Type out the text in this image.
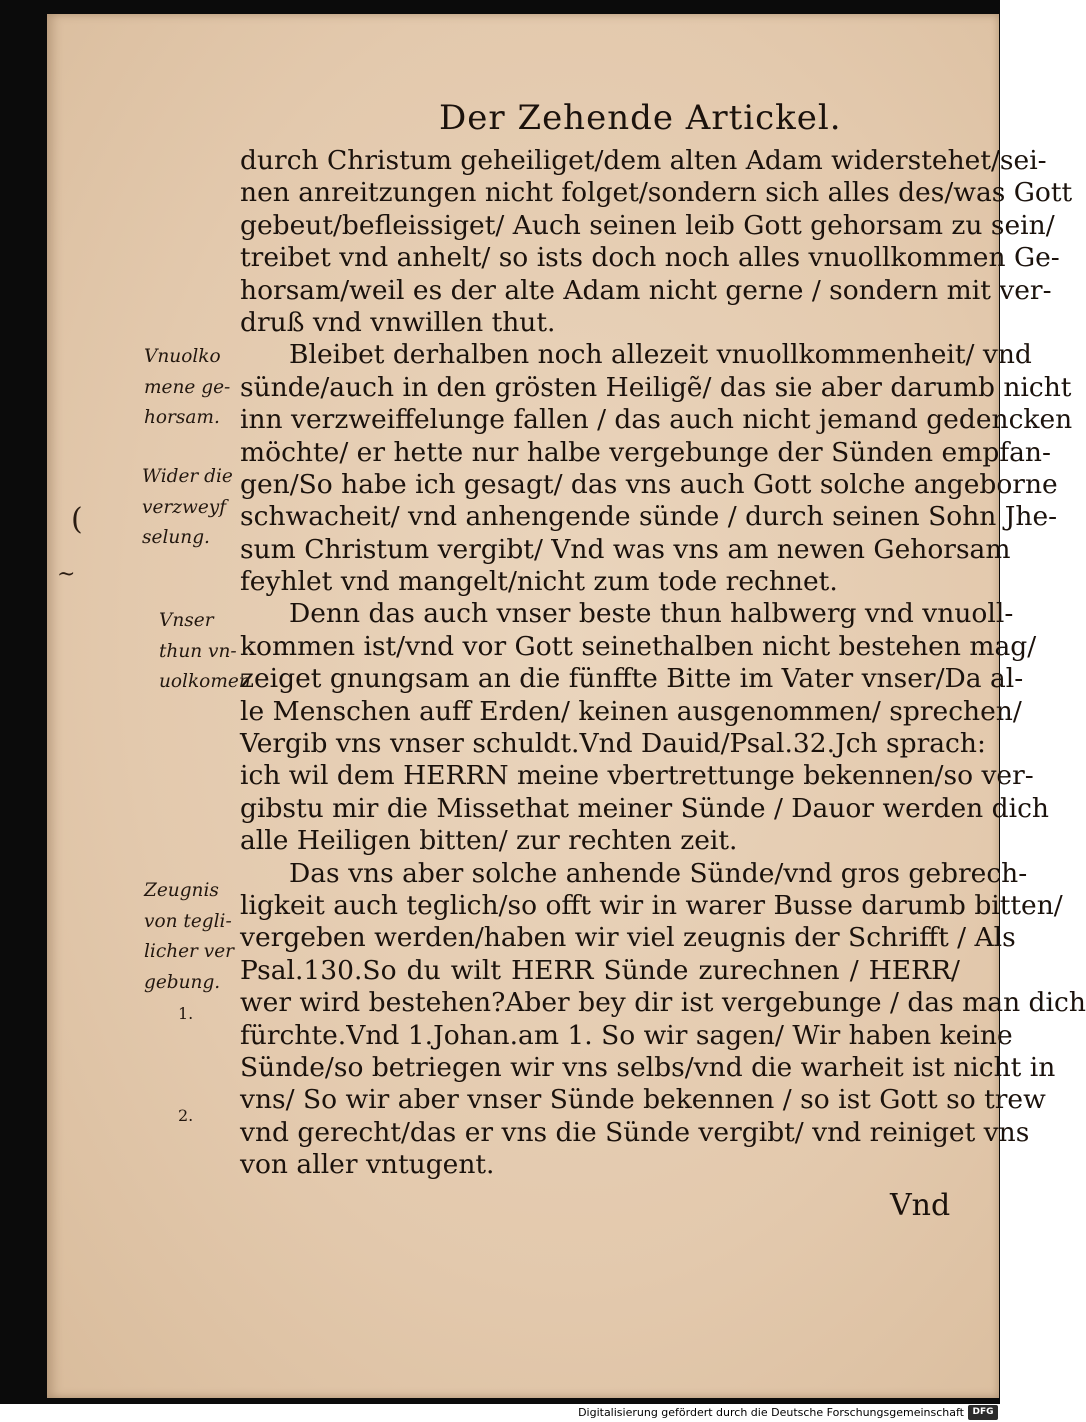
Der Zehende Artickel.
durch Christum geheiliget/dem alten Adam widerstehet/sei-
nen anreitzungen nicht folget/sondern sich alles des/was Gott
gebeut/befleissiget/ Auch seinen leib Gott gehorsam zu sein/
treibet vnd anhelt/ so ists doch noch alles vnuollkommen Ge-
horsam/weil es der alte Adam nicht gerne / sondern mit ver-
druß vnd vnwillen thut.
Bleibet derhalben noch allezeit vnuollkommenheit/ vnd
sünde/auch in den grösten Heiligẽ/ das sie aber darumb nicht
inn verzweiffelunge fallen / das auch nicht jemand gedencken
möchte/ er hette nur halbe vergebunge der Sünden empfan-
gen/So habe ich gesagt/ das vns auch Gott solche angeborne
schwacheit/ vnd anhengende sünde / durch seinen Sohn Jhe-
sum Christum vergibt/ Vnd was vns am newen Gehorsam
feyhlet vnd mangelt/nicht zum tode rechnet.
Denn das auch vnser beste thun halbwerg vnd vnuoll-
kommen ist/vnd vor Gott seinethalben nicht bestehen mag/
zeiget gnungsam an die fünffte Bitte im Vater vnser/Da al-
le Menschen auff Erden/ keinen ausgenommen/ sprechen/
Vergib vns vnser schuldt.Vnd Dauid/Psal.32.Jch sprach:
ich wil dem HERRN meine vbertrettunge bekennen/so ver-
gibstu mir die Missethat meiner Sünde / Dauor werden dich
alle Heiligen bitten/ zur rechten zeit.
Das vns aber solche anhende Sünde/vnd gros gebrech-
ligkeit auch teglich/so offt wir in warer Busse darumb bitten/
vergeben werden/haben wir viel zeugnis der Schrifft / Als
Psal.130.So du wilt HERR Sünde zurechnen / HERR/
wer wird bestehen?Aber bey dir ist vergebunge / das man dich
fürchte.Vnd 1.Johan.am 1. So wir sagen/ Wir haben keine
Sünde/so betriegen wir vns selbs/vnd die warheit ist nicht in
vns/ So wir aber vnser Sünde bekennen / so ist Gott so trew
vnd gerecht/das er vns die Sünde vergibt/ vnd reiniget vns
von aller vntugent.
Vnuolko
mene ge-
horsam.
Wider die
verzweyf
selung.
Vnser
thun vn-
uolkomen
Zeugnis
von tegli-
licher ver
gebung.
1.
2.
(
~
Vnd
Digitalisierung gefördert durch die Deutsche Forschungsgemeinschaft DFG
